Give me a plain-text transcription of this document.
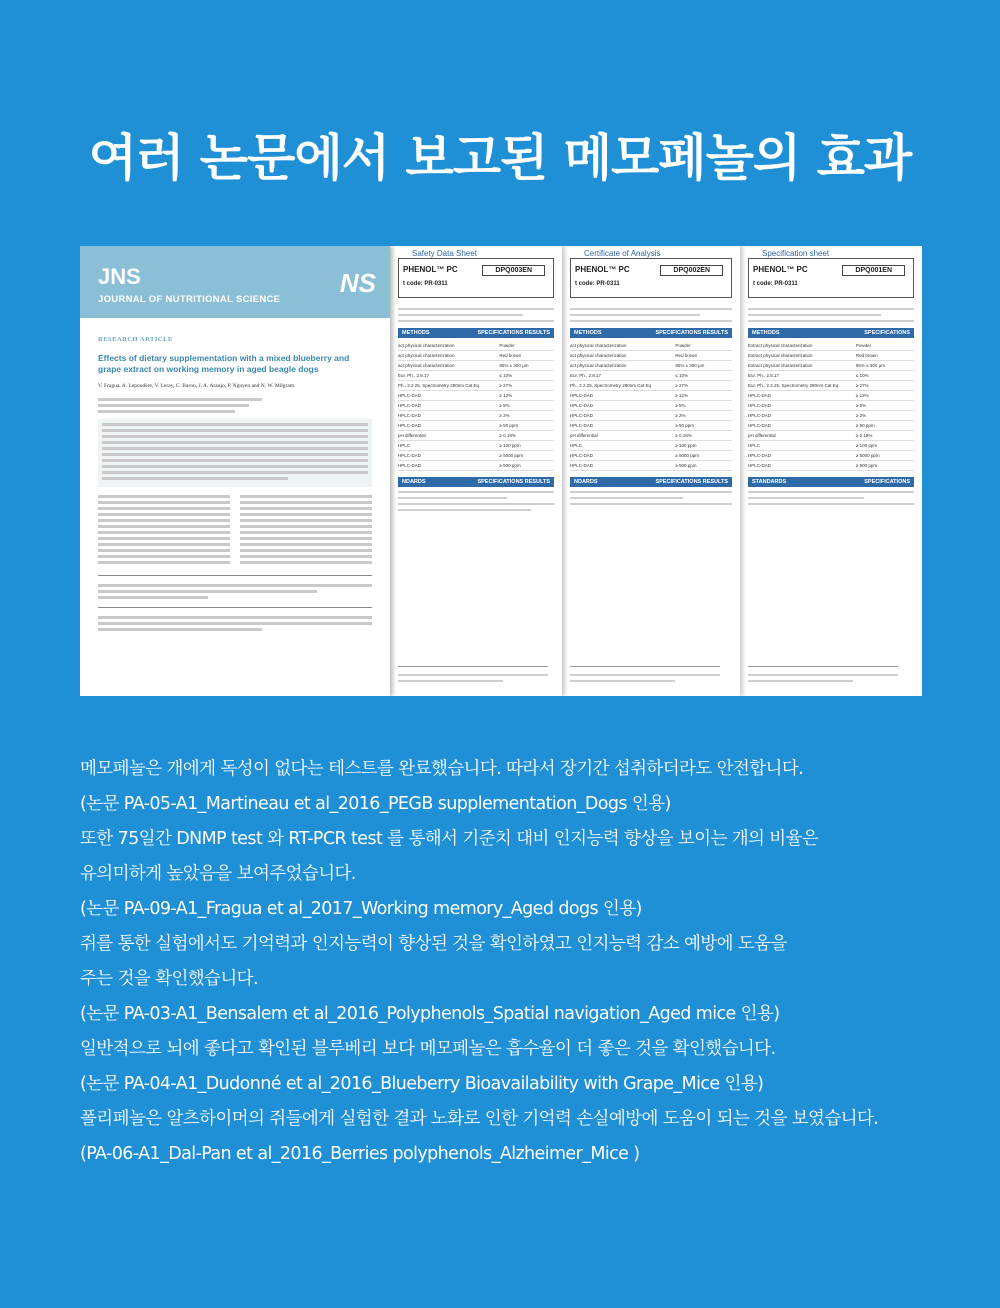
여러 논문에서 보고된 메모페놀의 효과
JNS
JOURNAL OF NUTRITIONAL SCIENCE
NS
RESEARCH ARTICLE
Effects of dietary supplementation with a mixed blueberry and grape extract on working memory in aged beagle dogs
V. Fragua, A. Lepoudère, V. Leray, C. Baron, J. A. Araujo, P. Nguyen and N. W. Milgram
Safety Data Sheet
PHENOL™ PC	DPQ003EN
t code: PR-0311
METHODS	SPECIFICATIONS RESULTS
act physical characterization	Powder
act physical characterization	Red brown
act physical characterization	95% ± 300 μm
Eur. Ph., 2.8.17	≤ 10%
Ph., 2.2.25, Spectrometry 280nm Cat Eq	≥ 27%
HPLC-DAD	≥ 12%
HPLC-DAD	≥ 5%
HPLC-DAD	≥ 2%
HPLC-DAD	≥ 50 ppm
pH differential	≥ 0.18%
HPLC	≥ 100 ppm
HPLC-DAD	≥ 5000 ppm
HPLC-DAD	≥ 500 ppm
NDARDS	SPECIFICATIONS RESULTS
Certificate of Analysis
PHENOL™ PC	DPQ002EN
t code: PR-0311
METHODS	SPECIFICATIONS RESULTS
act physical characterization	Powder
act physical characterization	Red brown
act physical characterization	95% ± 300 μm
Eur. Ph., 2.8.17	≤ 10%
Ph., 2.2.25, Spectrometry 280nm Cat Eq	≥ 27%
HPLC-DAD	≥ 12%
HPLC-DAD	≥ 5%
HPLC-DAD	≥ 2%
HPLC-DAD	≥ 50 ppm
pH differential	≥ 0.18%
HPLC	≥ 100 ppm
HPLC-DAD	≥ 5000 ppm
HPLC-DAD	≥ 500 ppm
NDARDS	SPECIFICATIONS RESULTS
Specification sheet
PHENOL™ PC	DPQ001EN
t code: PR-0311
METHODS	SPECIFICATIONS
Extract physical characterization	Powder
Extract physical characterization	Red brown
Extract physical characterization	95% ± 300 μm
Eur. Ph., 2.8.17	≤ 10%
Eur. Ph., 2.2.25, Spectrometry 280nm Cat Eq	≥ 27%
HPLC-DAD	≥ 12%
HPLC-DAD	≥ 5%
HPLC-DAD	≥ 2%
HPLC-DAD	≥ 50 ppm
pH differential	≥ 0.18%
HPLC	≥ 100 ppm
HPLC-DAD	≥ 5000 ppm
HPLC-DAD	≥ 500 ppm
STANDARDS	SPECIFICATIONS

메모페놀은 개에게 독성이 없다는 테스트를 완료했습니다. 따라서 장기간 섭취하더라도 안전합니다.

(논문 PA-05-A1_Martineau et al_2016_PEGB supplementation_Dogs 인용)

또한 75일간 DNMP test 와 RT-PCR test 를 통해서 기준치 대비 인지능력 향상을 보이는 개의 비율은

유의미하게 높았음을 보여주었습니다.

(논문 PA-09-A1_Fragua et al_2017_Working memory_Aged dogs 인용)

쥐를 통한 실험에서도 기억력과 인지능력이 향상된 것을 확인하였고 인지능력 감소 예방에 도움을

주는 것을 확인했습니다.

(논문 PA-03-A1_Bensalem et al_2016_Polyphenols_Spatial navigation_Aged mice 인용)

일반적으로 뇌에 좋다고 확인된 블루베리 보다 메모페놀은 흡수율이 더 좋은 것을 확인했습니다.

(논문 PA-04-A1_Dudonné et al_2016_Blueberry Bioavailability with Grape_Mice 인용)

폴리페놀은 알츠하이머의 쥐들에게 실험한 결과 노화로 인한 기억력 손실예방에 도움이 되는 것을 보였습니다.

(PA-06-A1_Dal-Pan et al_2016_Berries polyphenols_Alzheimer_Mice )
